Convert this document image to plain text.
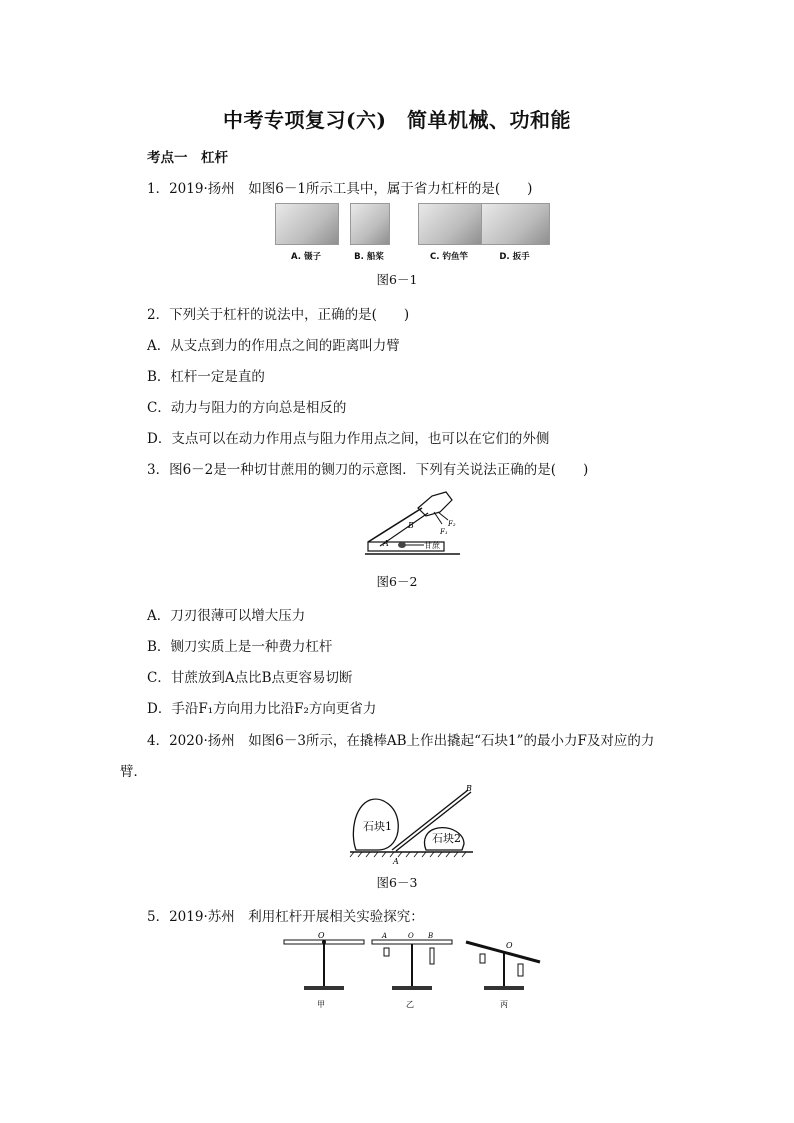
中考专项复习(六)　简单机械、功和能
考点一　杠杆
1．2019·扬州　如图6－1所示工具中，属于省力杠杆的是(　　)
A. 镊子	B. 船桨	C. 钓鱼竿	D. 扳手
图6－1
2．下列关于杠杆的说法中，正确的是(　　)
A．从支点到力的作用点之间的距离叫力臂
B．杠杆一定是直的
C．动力与阻力的方向总是相反的
D．支点可以在动力作用点与阻力作用点之间，也可以在它们的外侧
3．图6－2是一种切甘蔗用的铡刀的示意图．下列有关说法正确的是(　　)
A
B
F₁
F₂
甘蔗
图6－2
A．刀刃很薄可以增大压力
B．铡刀实质上是一种费力杠杆
C．甘蔗放到A点比B点更容易切断
D．手沿F₁方向用力比沿F₂方向更省力
4．2020·扬州　如图6－3所示，在撬棒AB上作出撬起“石块1”的最小力F及对应的力
臂．
石块1
石块2
A
B
图6－3
5．2019·苏州　利用杠杆开展相关实验探究：
O
甲
A	O B
乙
O
丙
